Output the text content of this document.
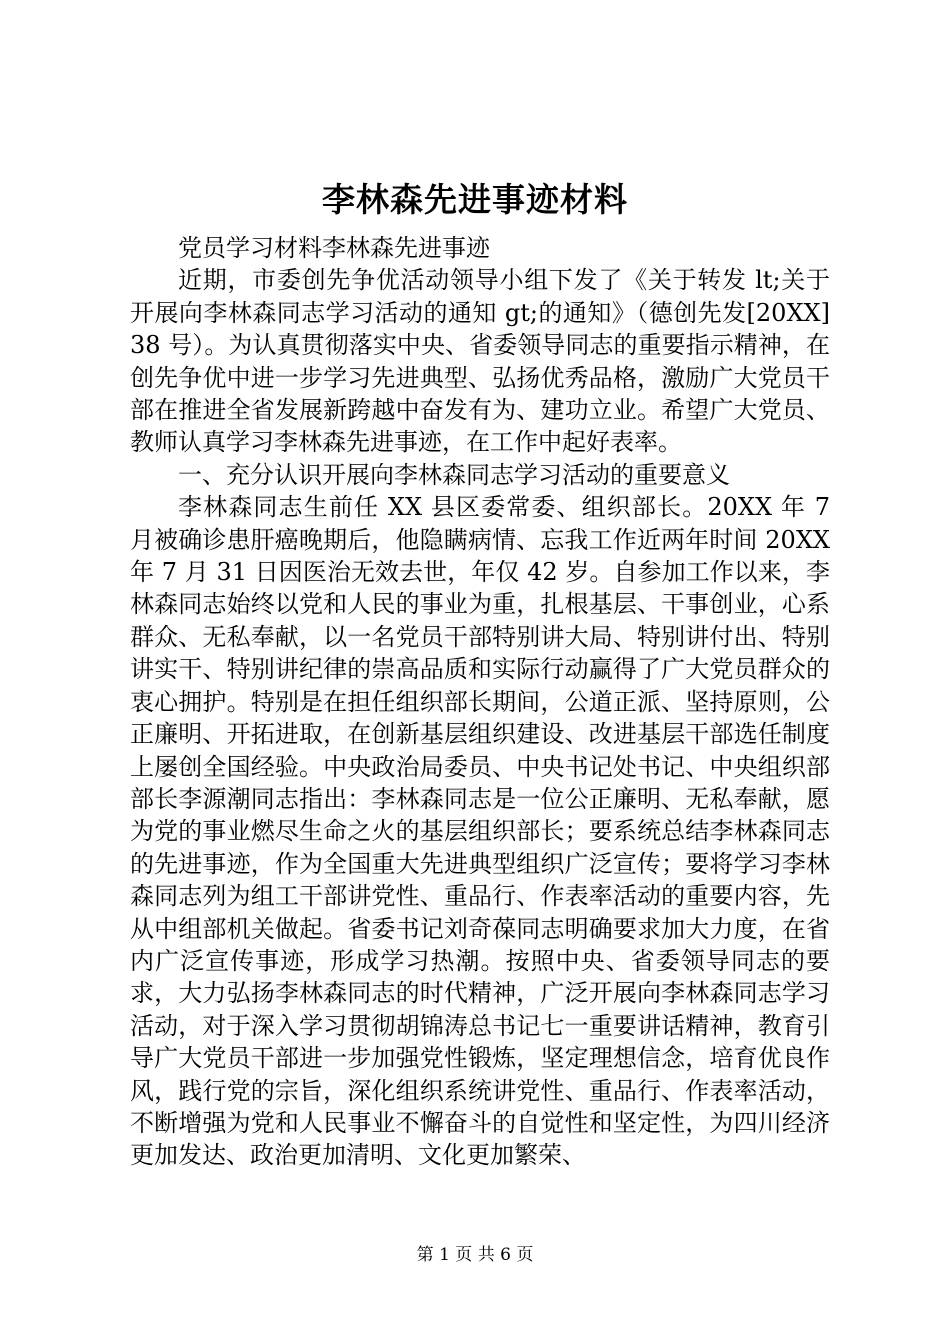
李林森先进事迹材料

党员学习材料李林森先进事迹

近期，市委创先争优活动领导小组下发了《关于转发 lt;关于开展向李林森同志学习活动的通知 gt;的通知》（德创先发[20XX]38 号）。为认真贯彻落实中央、省委领导同志的重要指示精神，在创先争优中进一步学习先进典型、弘扬优秀品格，激励广大党员干部在推进全省发展新跨越中奋发有为、建功立业。希望广大党员、教师认真学习李林森先进事迹，在工作中起好表率。

一、充分认识开展向李林森同志学习活动的重要意义

李林森同志生前任 XX 县区委常委、组织部长。20XX 年 7 月被确诊患肝癌晚期后，他隐瞒病情、忘我工作近两年时间 20XX 年 7 月 31 日因医治无效去世，年仅 42 岁。自参加工作以来，李林森同志始终以党和人民的事业为重，扎根基层、干事创业，心系群众、无私奉献，以一名党员干部特别讲大局、特别讲付出、特别讲实干、特别讲纪律的崇高品质和实际行动赢得了广大党员群众的衷心拥护。特别是在担任组织部长期间，公道正派、坚持原则，公正廉明、开拓进取，在创新基层组织建设、改进基层干部选任制度上屡创全国经验。中央政治局委员、中央书记处书记、中央组织部部长李源潮同志指出：李林森同志是一位公正廉明、无私奉献，愿为党的事业燃尽生命之火的基层组织部长；要系统总结李林森同志的先进事迹，作为全国重大先进典型组织广泛宣传；要将学习李林森同志列为组工干部讲党性、重品行、作表率活动的重要内容，先从中组部机关做起。省委书记刘奇葆同志明确要求加大力度，在省内广泛宣传事迹，形成学习热潮。按照中央、省委领导同志的要求，大力弘扬李林森同志的时代精神，广泛开展向李林森同志学习活动，对于深入学习贯彻胡锦涛总书记七一重要讲话精神，教育引导广大党员干部进一步加强党性锻炼，坚定理想信念，培育优良作风，践行党的宗旨，深化组织系统讲党性、重品行、作表率活动，不断增强为党和人民事业不懈奋斗的自觉性和坚定性，为四川经济更加发达、政治更加清明、文化更加繁荣、

第 1 页 共 6 页
